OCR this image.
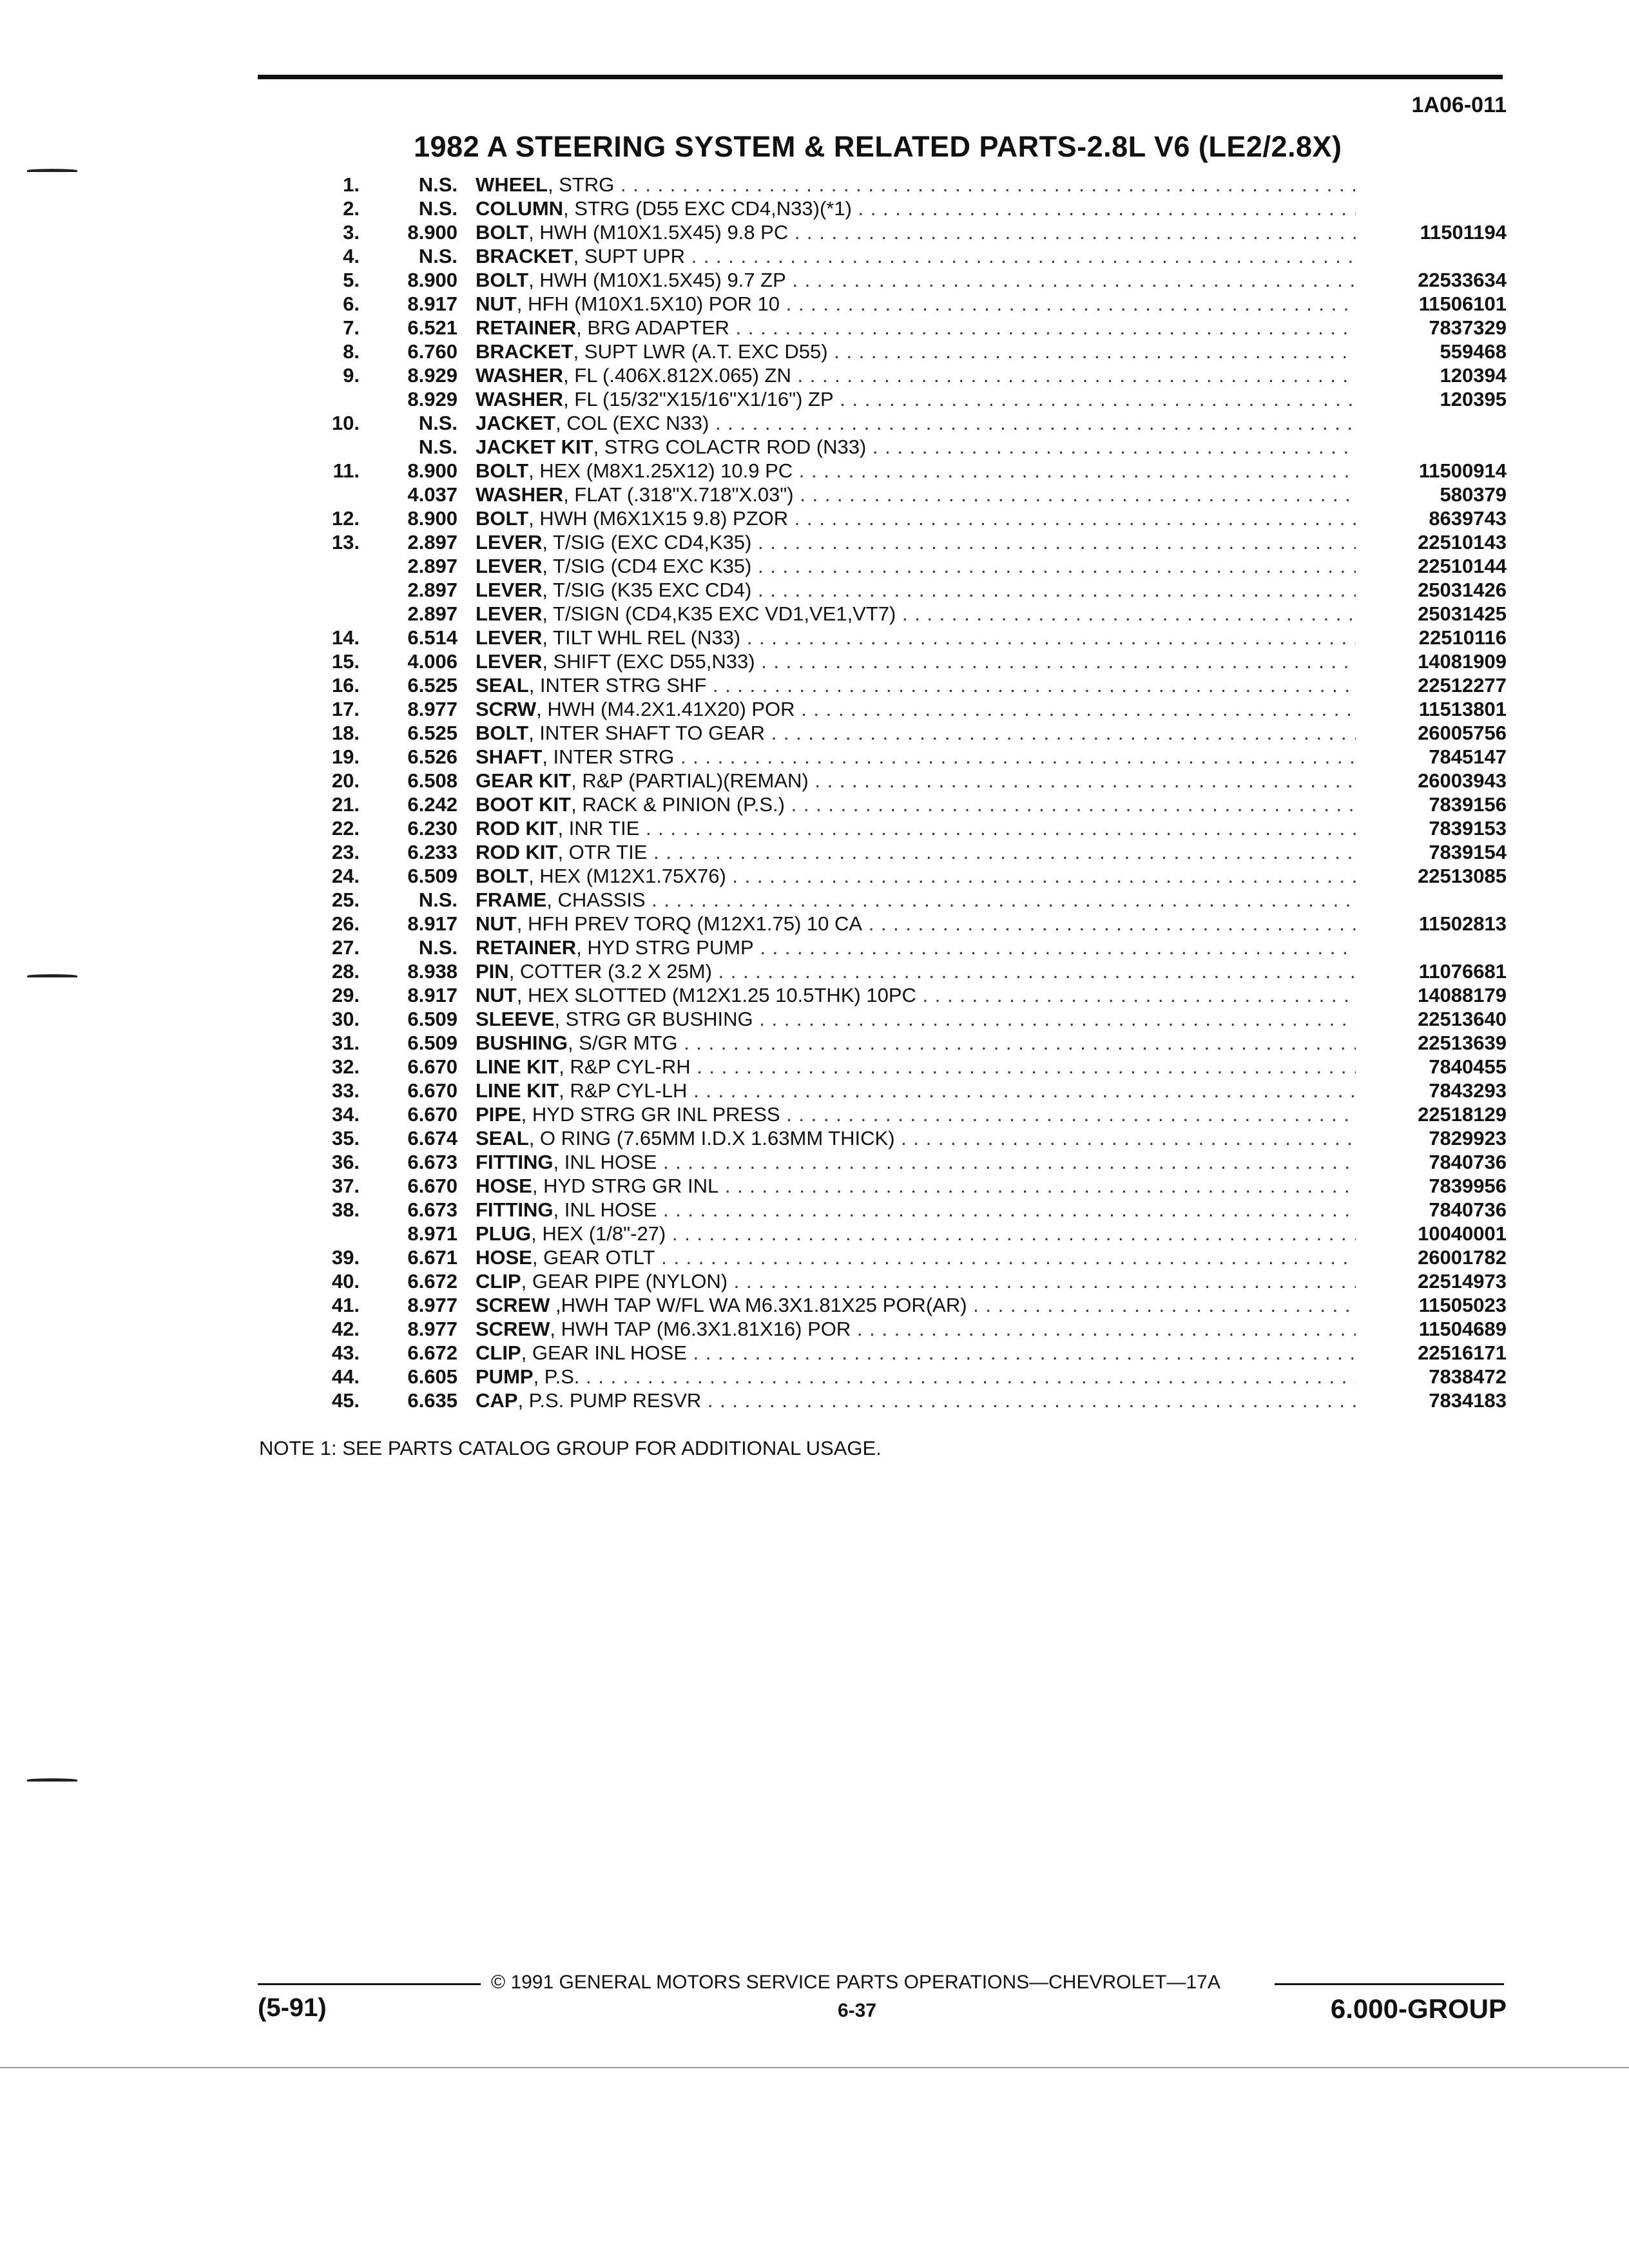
1A06-011
1982 A STEERING SYSTEM & RELATED PARTS-2.8L V6 (LE2/2.8X)
1.	N.S. WHEEL, STRG . . .
2.	N.S. COLUMN, STRG (D55 EXC CD4,N33)(*1) . . .
3. 8.900 BOLT, HWH (M10X1.5X45) 9.8 PC . . .	11501194
4.	N.S. BRACKET, SUPT UPR . . .
5. 8.900 BOLT, HWH (M10X1.5X45) 9.7 ZP . . .	22533634
6. 8.917 NUT, HFH (M10X1.5X10) POR 10 . . .	11506101
7. 6.521 RETAINER, BRG ADAPTER . . .	7837329
8. 6.760 BRACKET, SUPT LWR (A.T. EXC D55) . . .	559468
9. 8.929 WASHER, FL (.406X.812X.065) ZN . . .	120394
8.929 WASHER, FL (15/32"X15/16"X1/16") ZP . . .	120395
10.	N.S. JACKET, COL (EXC N33) . . .
N.S. JACKET KIT, STRG COLACTR ROD (N33) . . .
11. 8.900 BOLT, HEX (M8X1.25X12) 10.9 PC . . .	11500914
4.037 WASHER, FLAT (.318"X.718"X.03") . . .	580379
12. 8.900 BOLT, HWH (M6X1X15 9.8) PZOR . . .	8639743
13. 2.897 LEVER, T/SIG (EXC CD4,K35) . . .	22510143
2.897 LEVER, T/SIG (CD4 EXC K35) . . .	22510144
2.897 LEVER, T/SIG (K35 EXC CD4) . . .	25031426
2.897 LEVER, T/SIGN (CD4,K35 EXC VD1,VE1,VT7) . . .	25031425
14. 6.514 LEVER, TILT WHL REL (N33) . . .	22510116
15. 4.006 LEVER, SHIFT (EXC D55,N33) . . .	14081909
16. 6.525 SEAL, INTER STRG SHF . . .	22512277
17. 8.977 SCRW, HWH (M4.2X1.41X20) POR . . .	11513801
18. 6.525 BOLT, INTER SHAFT TO GEAR . . .	26005756
19. 6.526 SHAFT, INTER STRG . . .	7845147
20. 6.508 GEAR KIT, R&P (PARTIAL)(REMAN) . . .	26003943
21. 6.242 BOOT KIT, RACK & PINION (P.S.) . . .	7839156
22. 6.230 ROD KIT, INR TIE . . .	7839153
23. 6.233 ROD KIT, OTR TIE . . .	7839154
24. 6.509 BOLT, HEX (M12X1.75X76) . . .	22513085
25.	N.S. FRAME, CHASSIS . . .
26. 8.917 NUT, HFH PREV TORQ (M12X1.75) 10 CA . . .	11502813
27.	N.S. RETAINER, HYD STRG PUMP . . .
28. 8.938 PIN, COTTER (3.2 X 25M) . . .	11076681
29. 8.917 NUT, HEX SLOTTED (M12X1.25 10.5THK) 10PC . . .	14088179
30. 6.509 SLEEVE, STRG GR BUSHING . . .	22513640
31. 6.509 BUSHING, S/GR MTG . . .	22513639
32. 6.670 LINE KIT, R&P CYL-RH . . .	7840455
33. 6.670 LINE KIT, R&P CYL-LH . . .	7843293
34. 6.670 PIPE, HYD STRG GR INL PRESS . . .	22518129
35. 6.674 SEAL, O RING (7.65MM I.D.X 1.63MM THICK) . . .	7829923
36. 6.673 FITTING, INL HOSE . . .	7840736
37. 6.670 HOSE, HYD STRG GR INL . . .	7839956
38. 6.673 FITTING, INL HOSE . . .	7840736
8.971 PLUG, HEX (1/8"-27) . . .	10040001
39. 6.671 HOSE, GEAR OTLT . . .	26001782
40. 6.672 CLIP, GEAR PIPE (NYLON) . . .	22514973
41. 8.977 SCREW ,HWH TAP W/FL WA M6.3X1.81X25 POR(AR) . . .	11505023
42. 8.977 SCREW, HWH TAP (M6.3X1.81X16) POR . . .	11504689
43. 6.672 CLIP, GEAR INL HOSE . . .	22516171
44. 6.605 PUMP, P.S. . . .	7838472
45. 6.635 CAP, P.S. PUMP RESVR . . .	7834183
NOTE 1: SEE PARTS CATALOG GROUP FOR ADDITIONAL USAGE.
© 1991 GENERAL MOTORS SERVICE PARTS OPERATIONS—CHEVROLET—17A
(5-91)	6-37	6.000-GROUP
